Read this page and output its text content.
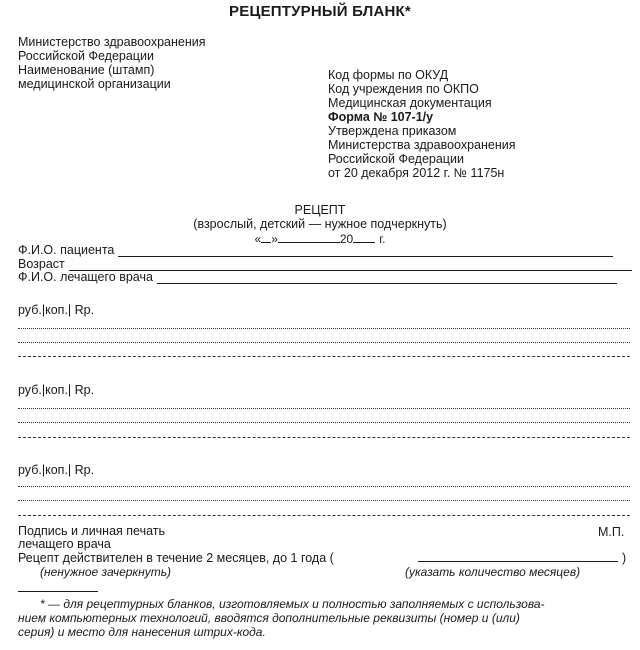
РЕЦЕПТУРНЫЙ БЛАНК*
Министерство здравоохранения
Российской Федерации
Наименование (штамп)
медицинской организации
Код формы по ОКУД
Код учреждения по ОКПО
Медицинская документация
Форма № 107-1/у
Утверждена приказом
Министерства здравоохранения
Российской Федерации
от 20 декабря 2012 г. № 1175н
РЕЦЕПТ
(взрослый, детский — нужное подчеркнуть)
« »	20 г.
Ф.И.О. пациента
Возраст
Ф.И.О. лечащего врача
руб.|коп.| Rp.
руб.|коп.| Rp.
руб.|коп.| Rp.
Подпись и личная печать
лечащего врача
М.П.
Рецепт действителен в течение 2 месяцев, до 1 года (	)
(ненужное зачеркнуть)	(указать количество месяцев)
* — для рецептурных бланков, изготовляемых и полностью заполняемых с использова-
нием компьютерных технологий, вводятся дополнительные реквизиты (номер и (или)
серия) и место для нанесения штрих-кода.
